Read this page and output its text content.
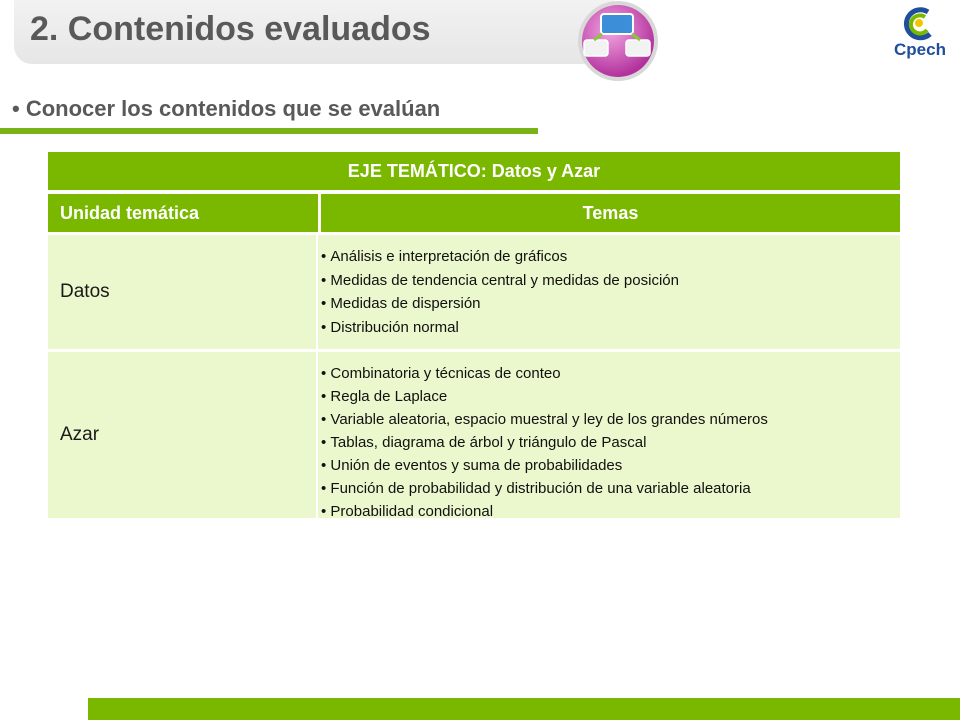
2. Contenidos evaluados
Cpech
• Conocer los contenidos que se evalúan
EJE TEMÁTICO: Datos y Azar
Unidad temática	Temas
Datos
• Análisis e interpretación de gráficos
• Medidas de tendencia central y medidas de posición
• Medidas de dispersión
• Distribución normal
Azar
• Combinatoria y técnicas de conteo
• Regla de Laplace
• Variable aleatoria, espacio muestral y ley de los grandes números
• Tablas, diagrama de árbol y triángulo de Pascal
• Unión de eventos y suma de probabilidades
• Función de probabilidad y distribución de una variable aleatoria
• Probabilidad condicional
